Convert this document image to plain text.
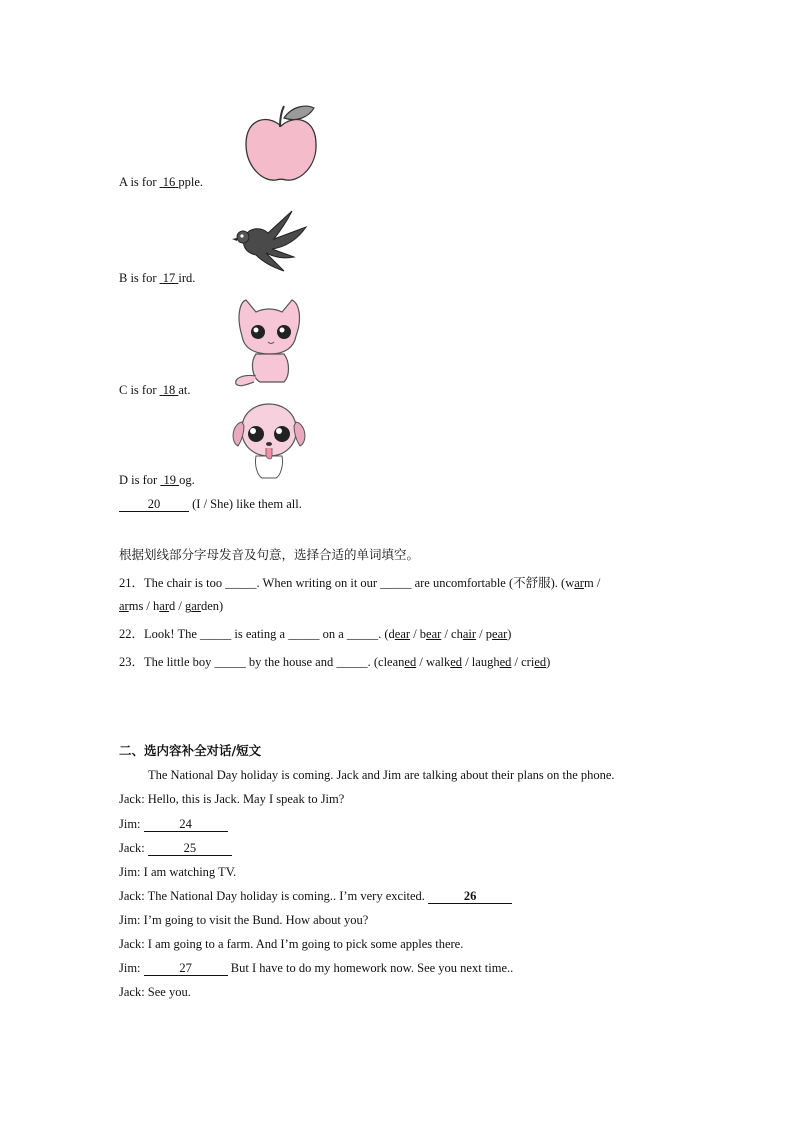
A is for  16 pple.
B is for  17 ird.
C is for  18 at.
D is for  19 og.
20 (I / She) like them all.
根据划线部分字母发音及句意，选择合适的单词填空。
21．The chair is too _____. When writing on it our _____ are uncomfortable (不舒服). (warm /
arms / hard / garden)
22．Look! The _____ is eating a _____ on a _____. (dear / bear / chair / pear)
23．The little boy _____ by the house and _____. (cleaned / walked / laughed / cried)
二、选内容补全对话/短文
The National Day holiday is coming. Jack and Jim are talking about their plans on the phone.
Jack: Hello, this is Jack. May I speak to Jim?
Jim:	24
Jack:	25
Jim: I am watching TV.
Jack: The National Day holiday is coming.. I’m very excited.	26
Jim: I’m going to visit the Bund. How about you?
Jack: I am going to a farm. And I’m going to pick some apples there.
Jim:	27	But I have to do my homework now. See you next time..
Jack: See you.
